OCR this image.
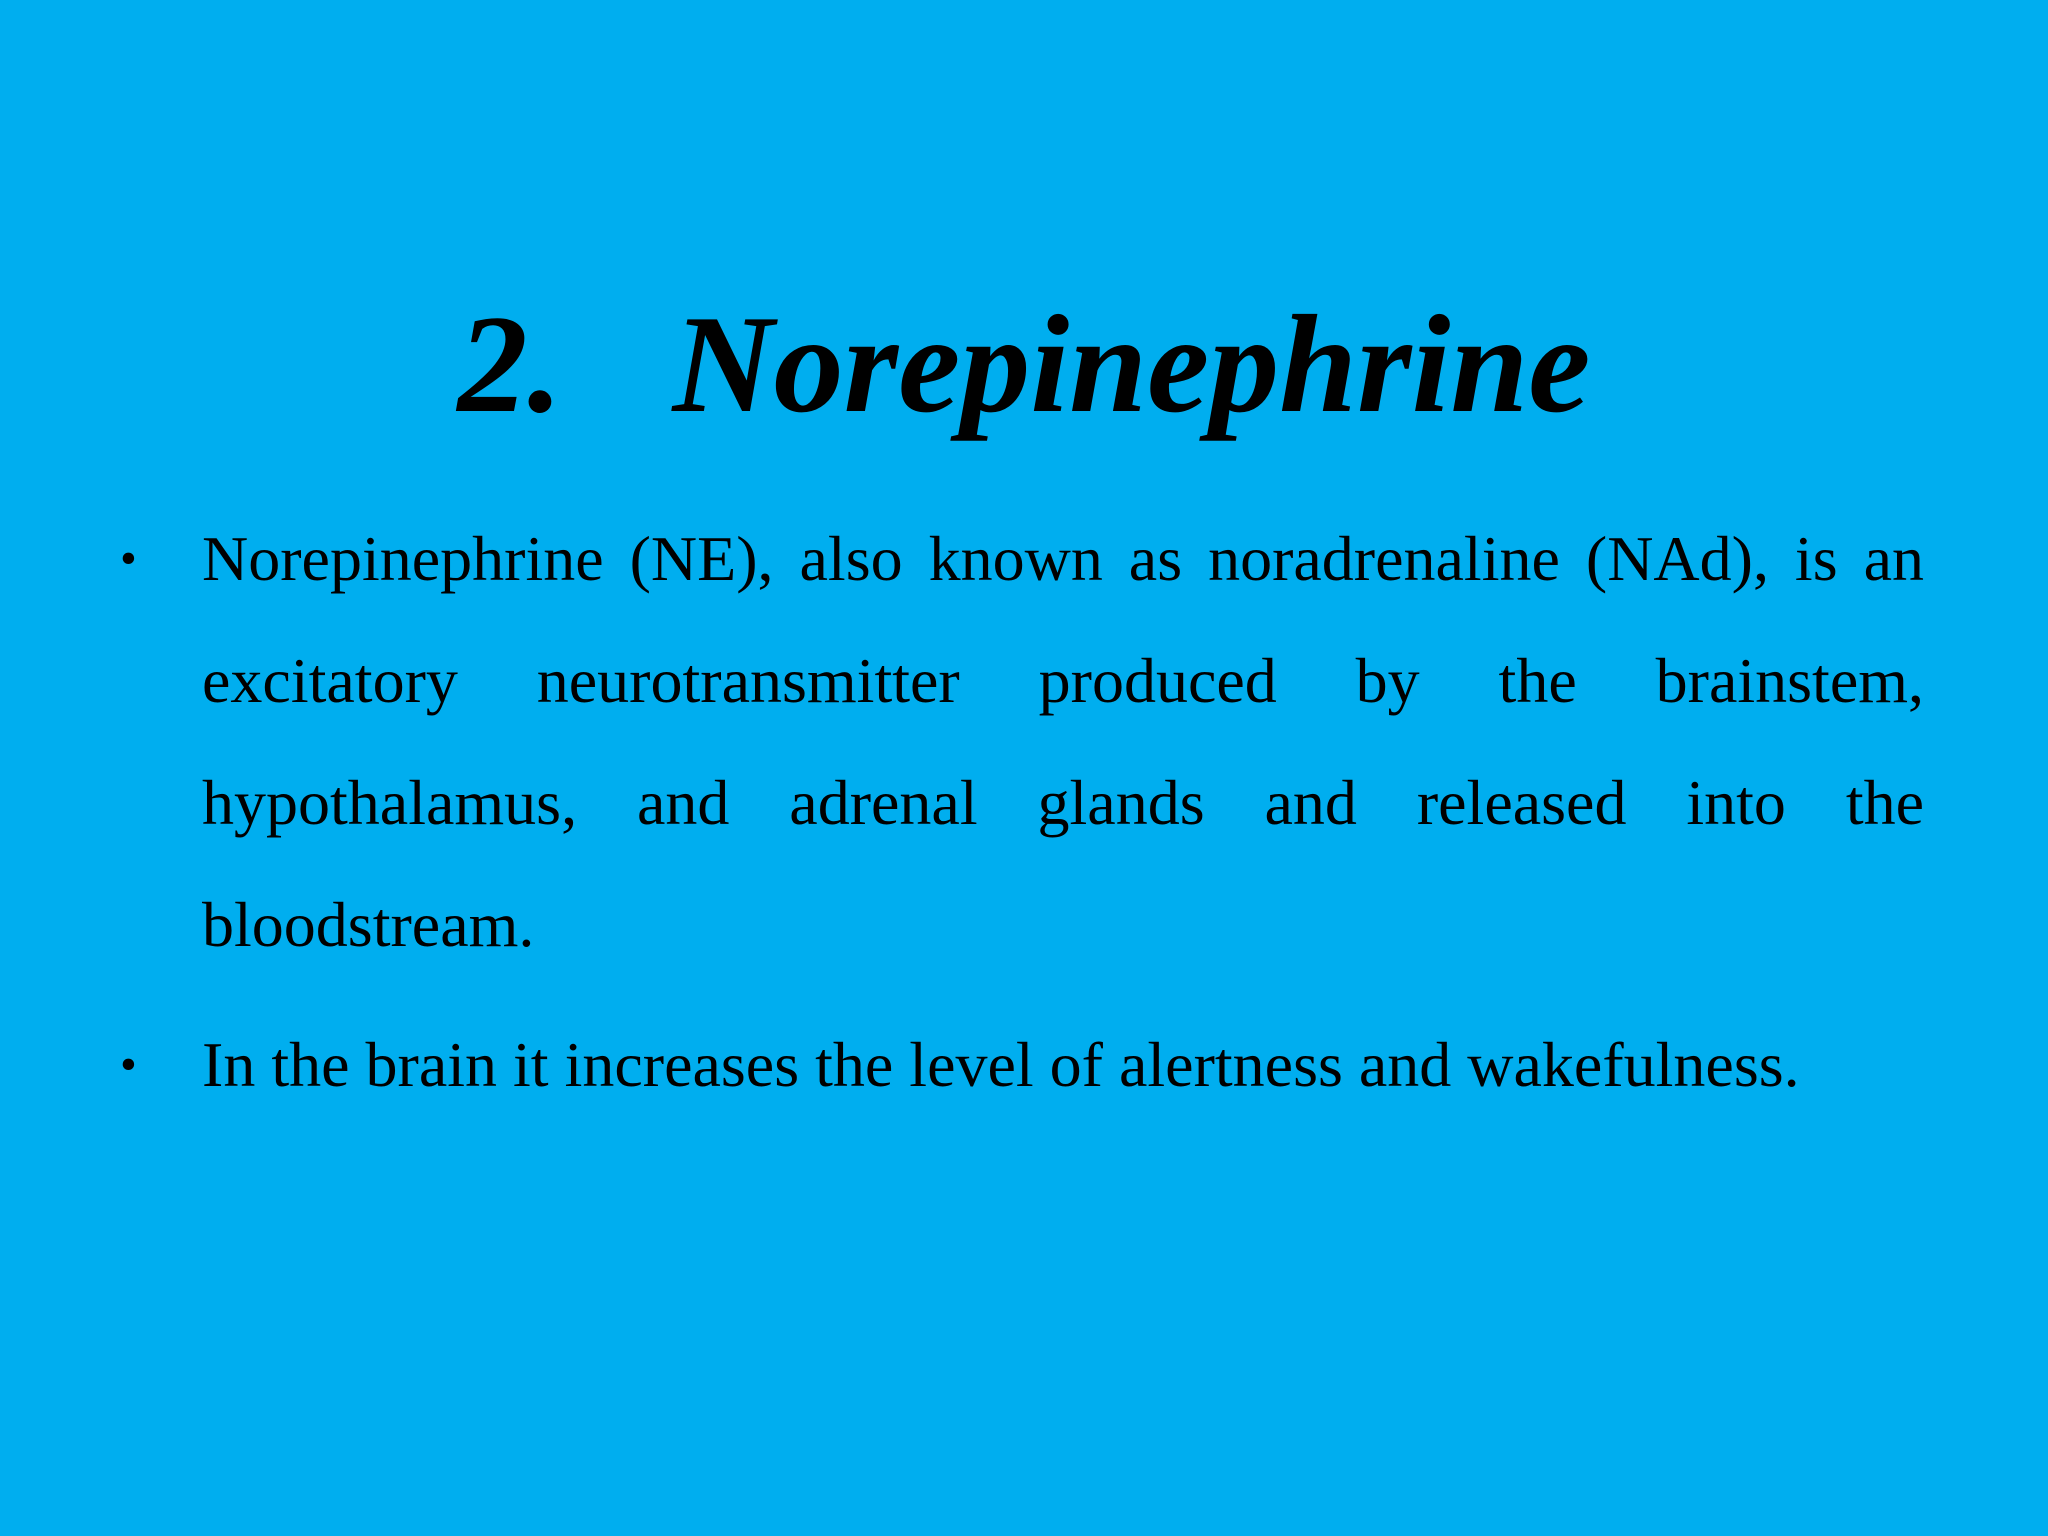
2. Norepinephrine
• Norepinephrine (NE), also known as noradrenaline (NAd), is an excitatory neurotransmitter produced by the brainstem, hypothalamus, and adrenal glands and released into the bloodstream.
• In the brain it increases the level of alertness and wakefulness.
